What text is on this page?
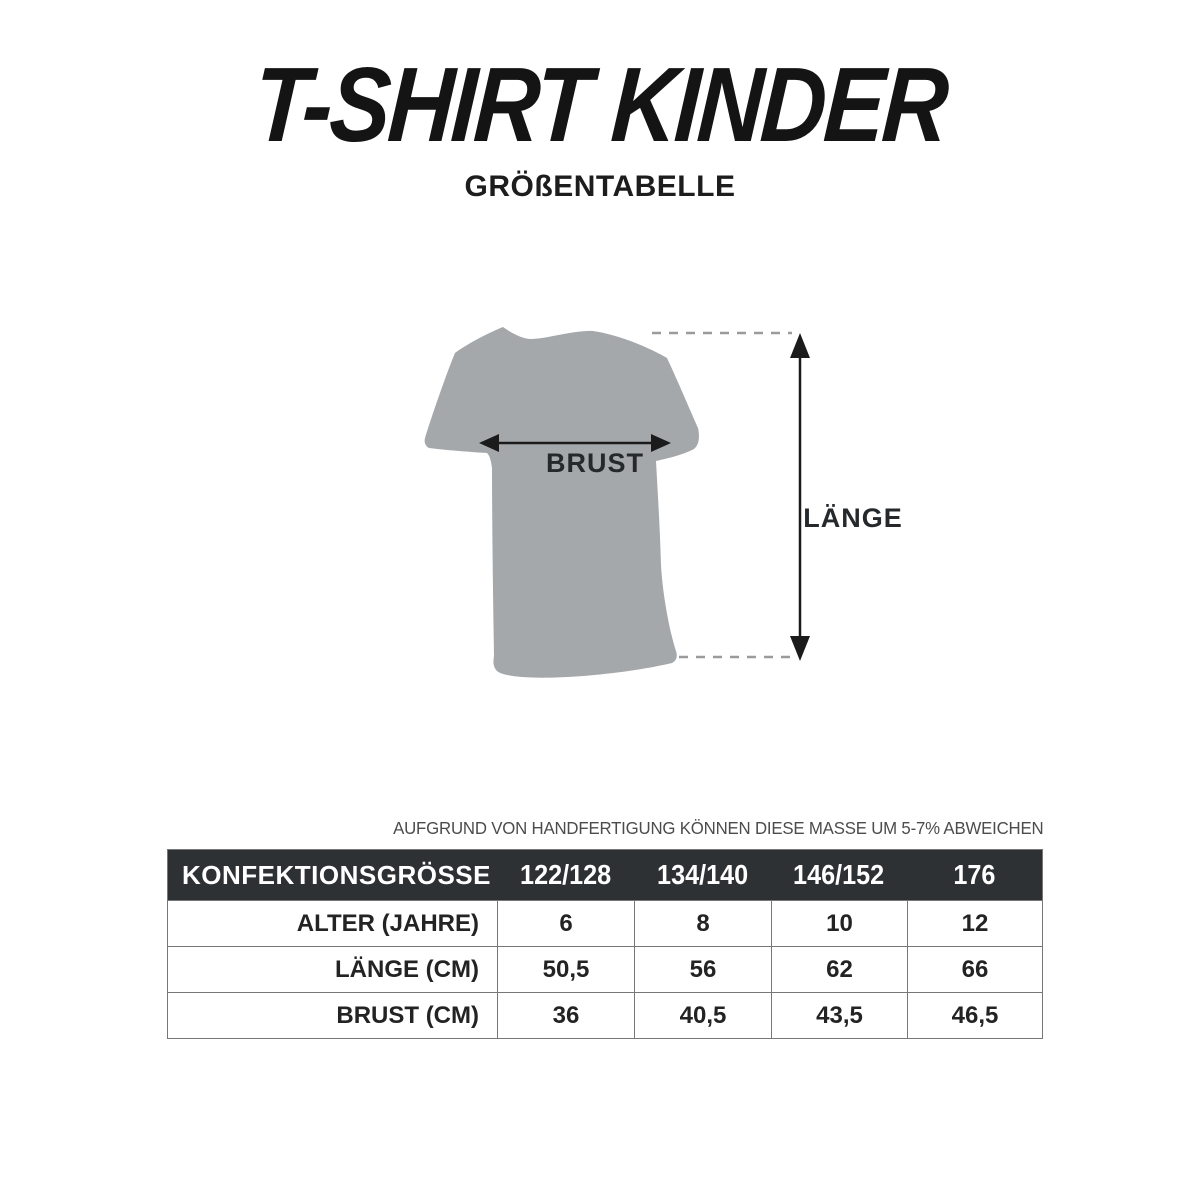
T-SHIRT KINDER
GRÖßENTABELLE
BRUST
LÄNGE
AUFGRUND VON HANDFERTIGUNG KÖNNEN DIESE MASSE UM 5-7% ABWEICHEN
KONFEKTIONSGRÖSSE 122/128 134/140 146/152 176
ALTER (JAHRE)	6	8	10	12
LÄNGE (CM)	50,5	56	62	66
BRUST (CM)	36	40,5	43,5	46,5
